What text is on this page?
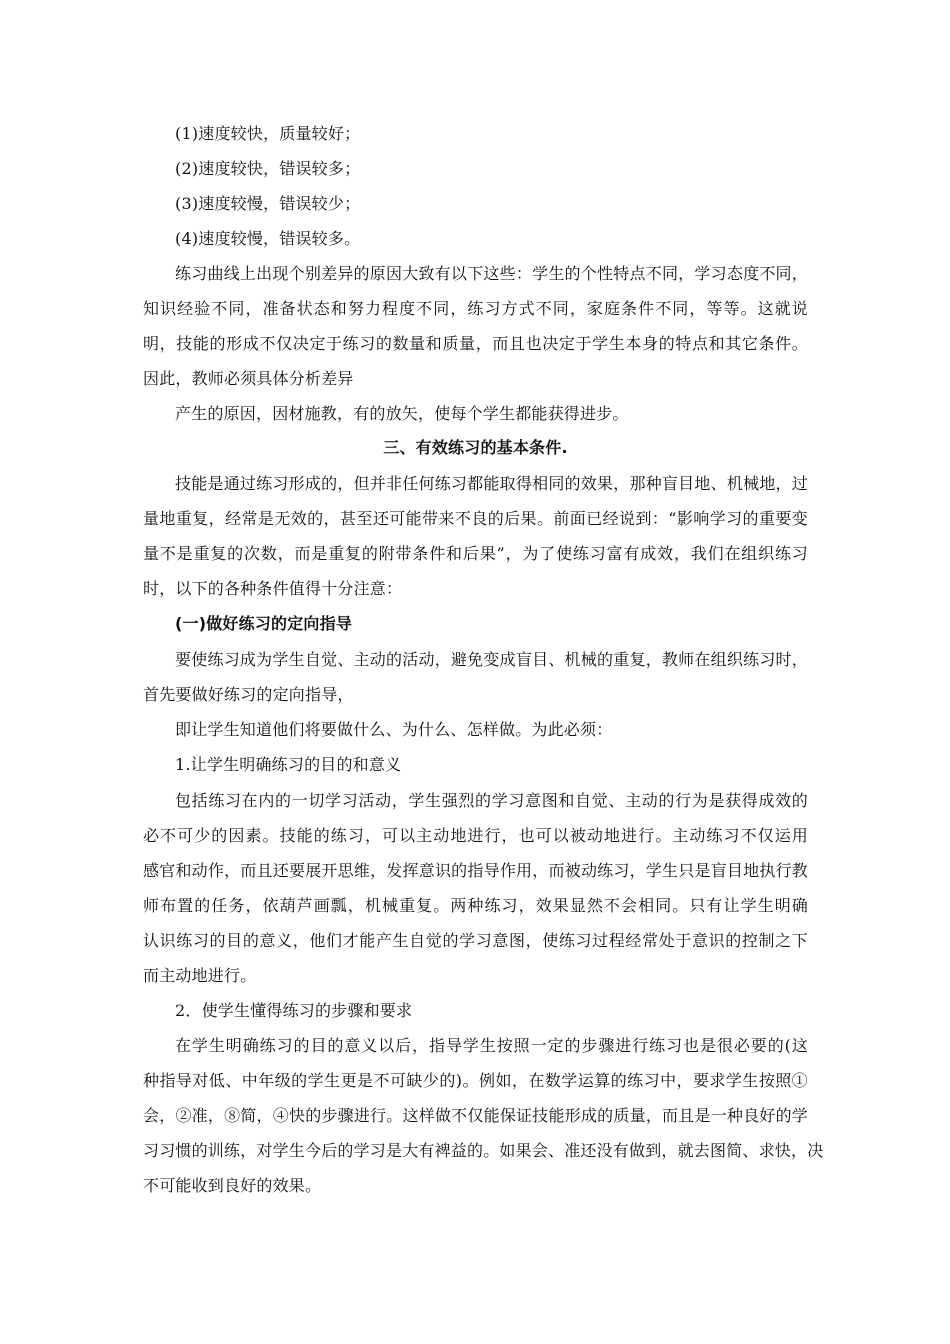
(1)速度较快，质量较好；
(2)速度较快，错误较多；
(3)速度较慢，错误较少；
(4)速度较慢，错误较多。
练习曲线上出现个别差异的原因大致有以下这些：学生的个性特点不同，学习态度不同，
知识经验不同，准备状态和努力程度不同，练习方式不同，家庭条件不同，等等。这就说
明，技能的形成不仅决定于练习的数量和质量，而且也决定于学生本身的特点和其它条件。
因此，教师必须具体分析差异
产生的原因，因材施教，有的放矢，使每个学生都能获得进步。
三、有效练习的基本条件.
技能是通过练习形成的，但并非任何练习都能取得相同的效果，那种盲目地、机械地，过
量地重复，经常是无效的，甚至还可能带来不良的后果。前面已经说到：“影响学习的重要变
量不是重复的次数，而是重复的附带条件和后果”，为了使练习富有成效，我们在组织练习
时，以下的各种条件值得十分注意：
(一)做好练习的定向指导
要使练习成为学生自觉、主动的活动，避免变成盲目、机械的重复，教师在组织练习时，
首先要做好练习的定向指导，
即让学生知道他们将要做什么、为什么、怎样做。为此必须：
1.让学生明确练习的目的和意义
包括练习在内的一切学习活动，学生强烈的学习意图和自觉、主动的行为是获得成效的
必不可少的因素。技能的练习，可以主动地进行，也可以被动地进行。主动练习不仅运用
感官和动作，而且还要展开思维，发挥意识的指导作用，而被动练习，学生只是盲目地执行教
师布置的任务，依葫芦画瓢，机械重复。两种练习，效果显然不会相同。只有让学生明确
认识练习的目的意义，他们才能产生自觉的学习意图，使练习过程经常处于意识的控制之下
而主动地进行。
2．使学生懂得练习的步骤和要求
在学生明确练习的目的意义以后，指导学生按照一定的步骤进行练习也是很必要的(这
种指导对低、中年级的学生更是不可缺少的)。例如，在数学运算的练习中，要求学生按照①
会，②准，⑧简，④快的步骤进行。这样做不仅能保证技能形成的质量，而且是一种良好的学
习习惯的训练，对学生今后的学习是大有裨益的。如果会、准还没有做到，就去图简、求快，决
不可能收到良好的效果。
